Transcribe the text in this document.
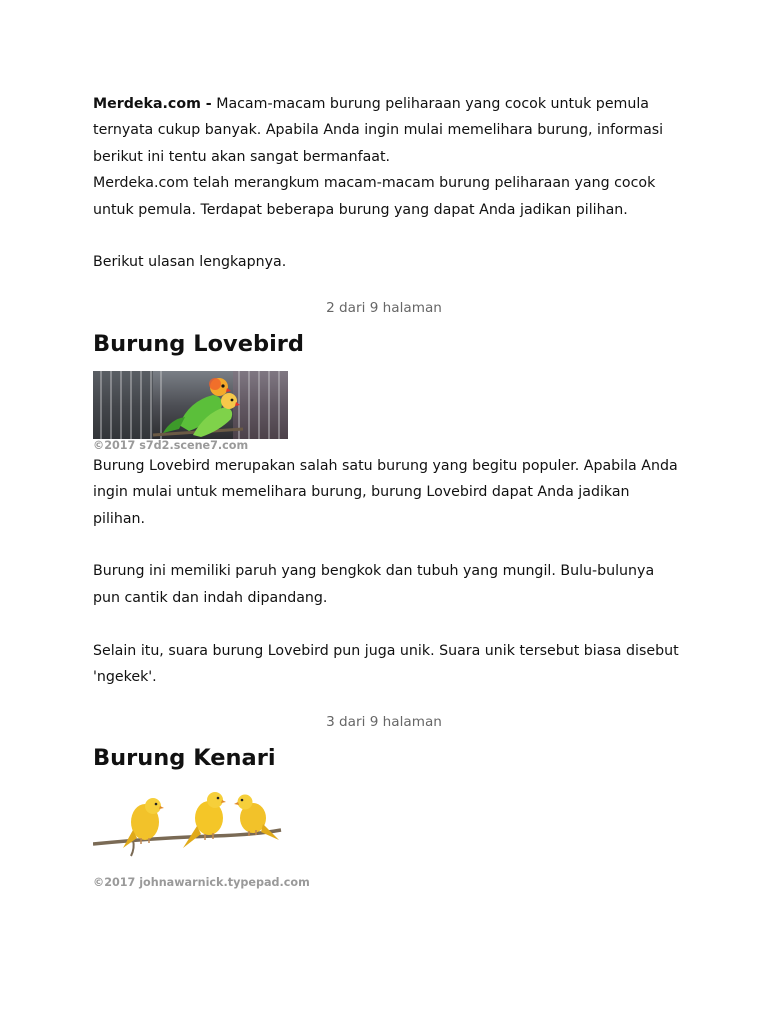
Merdeka.com - Macam-macam burung peliharaan yang cocok untuk pemula ternyata cukup banyak. Apabila Anda ingin mulai memelihara burung, informasi berikut ini tentu akan sangat bermanfaat.

Merdeka.com telah merangkum macam-macam burung peliharaan yang cocok untuk pemula. Terdapat beberapa burung yang dapat Anda jadikan pilihan.

Berikut ulasan lengkapnya.

2 dari 9 halaman
Burung Lovebird
©2017 s7d2.scene7.com

Burung Lovebird merupakan salah satu burung yang begitu populer. Apabila Anda ingin mulai untuk memelihara burung, burung Lovebird dapat Anda jadikan pilihan.

Burung ini memiliki paruh yang bengkok dan tubuh yang mungil. Bulu-bulunya pun cantik dan indah dipandang.

Selain itu, suara burung Lovebird pun juga unik. Suara unik tersebut biasa disebut 'ngekek'.

3 dari 9 halaman
Burung Kenari
©2017 johnawarnick.typepad.com
